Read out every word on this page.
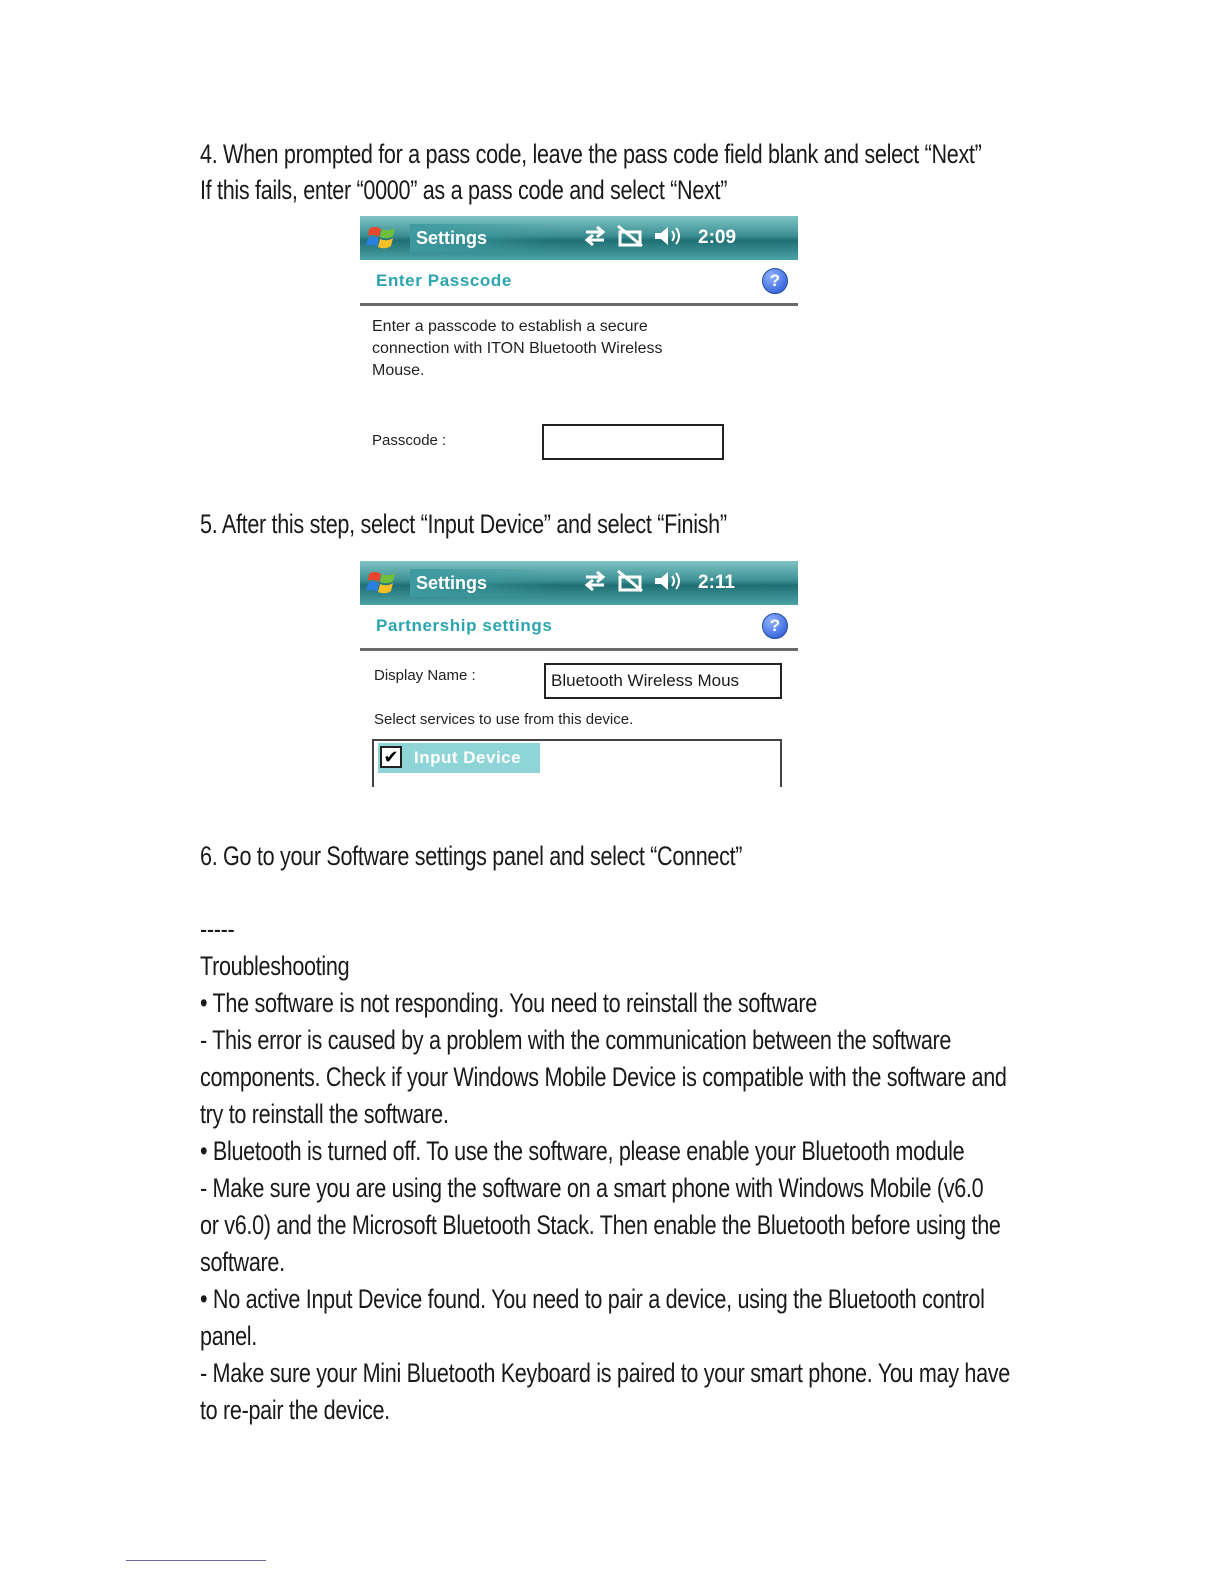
4. When prompted for a pass code, leave the pass code field blank and select “Next”

If this fails, enter “0000” as a pass code and select “Next”

Settings
	2:09
Enter Passcode	?
Enter a passcode to establish a secure
connection with ITON Bluetooth Wireless
Mouse.
Passcode :

5. After this step, select “Input Device” and select “Finish”

Settings
	2:11
Partnership settings	?
Display Name :	Bluetooth Wireless Mous
Select services to use from this device.
✔ Input Device

6. Go to your Software settings panel and select “Connect”

-----

Troubleshooting

• The software is not responding. You need to reinstall the software

- This error is caused by a problem with the communication between the software

components. Check if your Windows Mobile Device is compatible with the software and

try to reinstall the software.

• Bluetooth is turned off. To use the software, please enable your Bluetooth module

- Make sure you are using the software on a smart phone with Windows Mobile (v6.0

or v6.0) and the Microsoft Bluetooth Stack. Then enable the Bluetooth before using the

software.

• No active Input Device found. You need to pair a device, using the Bluetooth control

panel.

- Make sure your Mini Bluetooth Keyboard is paired to your smart phone. You may have

to re-pair the device.
